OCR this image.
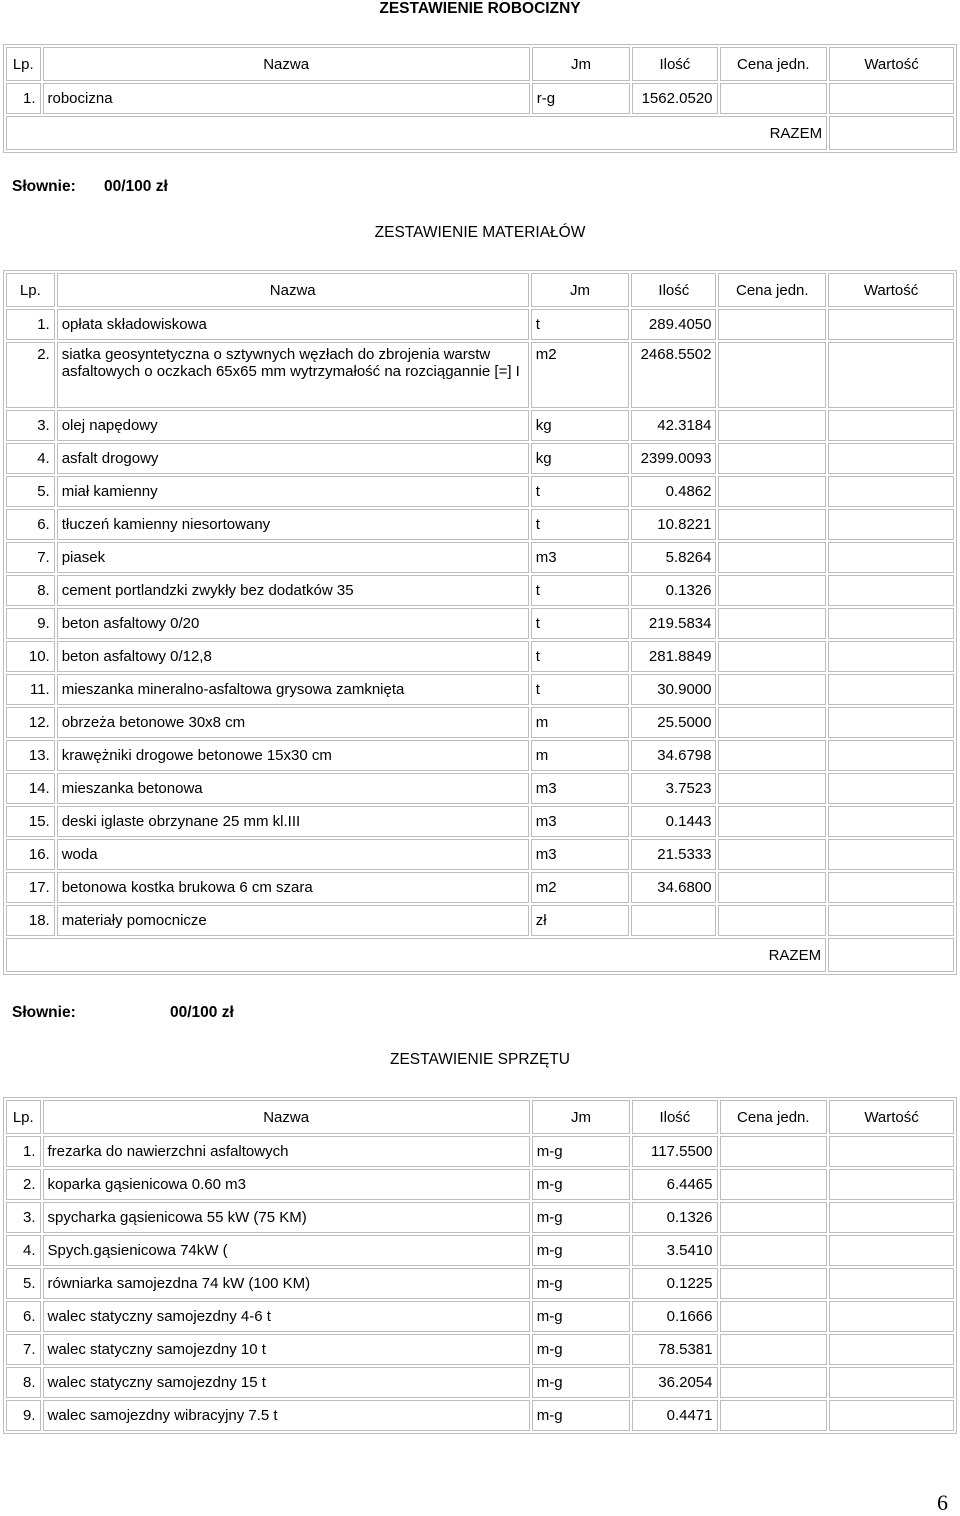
ZESTAWIENIE ROBOCIZNY
Lp.	Nazwa	Jm	Ilość	Cena jedn.	Wartość
1.	robocizna	r-g	1562.0520		
RAZEM					
Słownie: 00/100 zł
ZESTAWIENIE MATERIAŁÓW
Lp.	Nazwa	Jm	Ilość	Cena jedn.	Wartość
1.	opłata składowiskowa	t	289.4050		
2.	siatka geosyntetyczna o sztywnych węzłach do zbrojenia warstw asfaltowych o oczkach 65x65 mm wytrzymałość na rozciągannie [=] I	m2	2468.5502		
3.	olej napędowy	kg	42.3184		
4.	asfalt drogowy	kg	2399.0093		
5.	miał kamienny	t	0.4862		
6.	tłuczeń kamienny niesortowany	t	10.8221		
7.	piasek	m3	5.8264		
8.	cement portlandzki zwykły bez dodatków 35	t	0.1326		
9.	beton asfaltowy 0/20	t	219.5834		
10.	beton asfaltowy 0/12,8	t	281.8849		
11.	mieszanka mineralno-asfaltowa grysowa zamknięta	t	30.9000		
12.	obrzeża betonowe 30x8 cm	m	25.5000		
13.	krawężniki drogowe betonowe 15x30 cm	m	34.6798		
14.	mieszanka betonowa	m3	3.7523		
15.	deski iglaste obrzynane 25 mm kl.III	m3	0.1443		
16.	woda	m3	21.5333		
17.	betonowa kostka brukowa 6 cm szara	m2	34.6800		
18.	materiały pomocnicze	zł			
RAZEM					
Słownie:	00/100 zł
ZESTAWIENIE SPRZĘTU
Lp.	Nazwa	Jm	Ilość	Cena jedn.	Wartość
1.	frezarka do nawierzchni asfaltowych	m-g	117.5500		
2.	koparka gąsienicowa 0.60 m3	m-g	6.4465		
3.	spycharka gąsienicowa 55 kW (75 KM)	m-g	0.1326		
4.	Spych.gąsienicowa 74kW (	m-g	3.5410		
5.	równiarka samojezdna 74 kW (100 KM)	m-g	0.1225		
6.	walec statyczny samojezdny 4-6 t	m-g	0.1666		
7.	walec statyczny samojezdny 10 t	m-g	78.5381		
8.	walec statyczny samojezdny 15 t	m-g	36.2054		
9.	walec samojezdny wibracyjny 7.5 t	m-g	0.4471		
6
